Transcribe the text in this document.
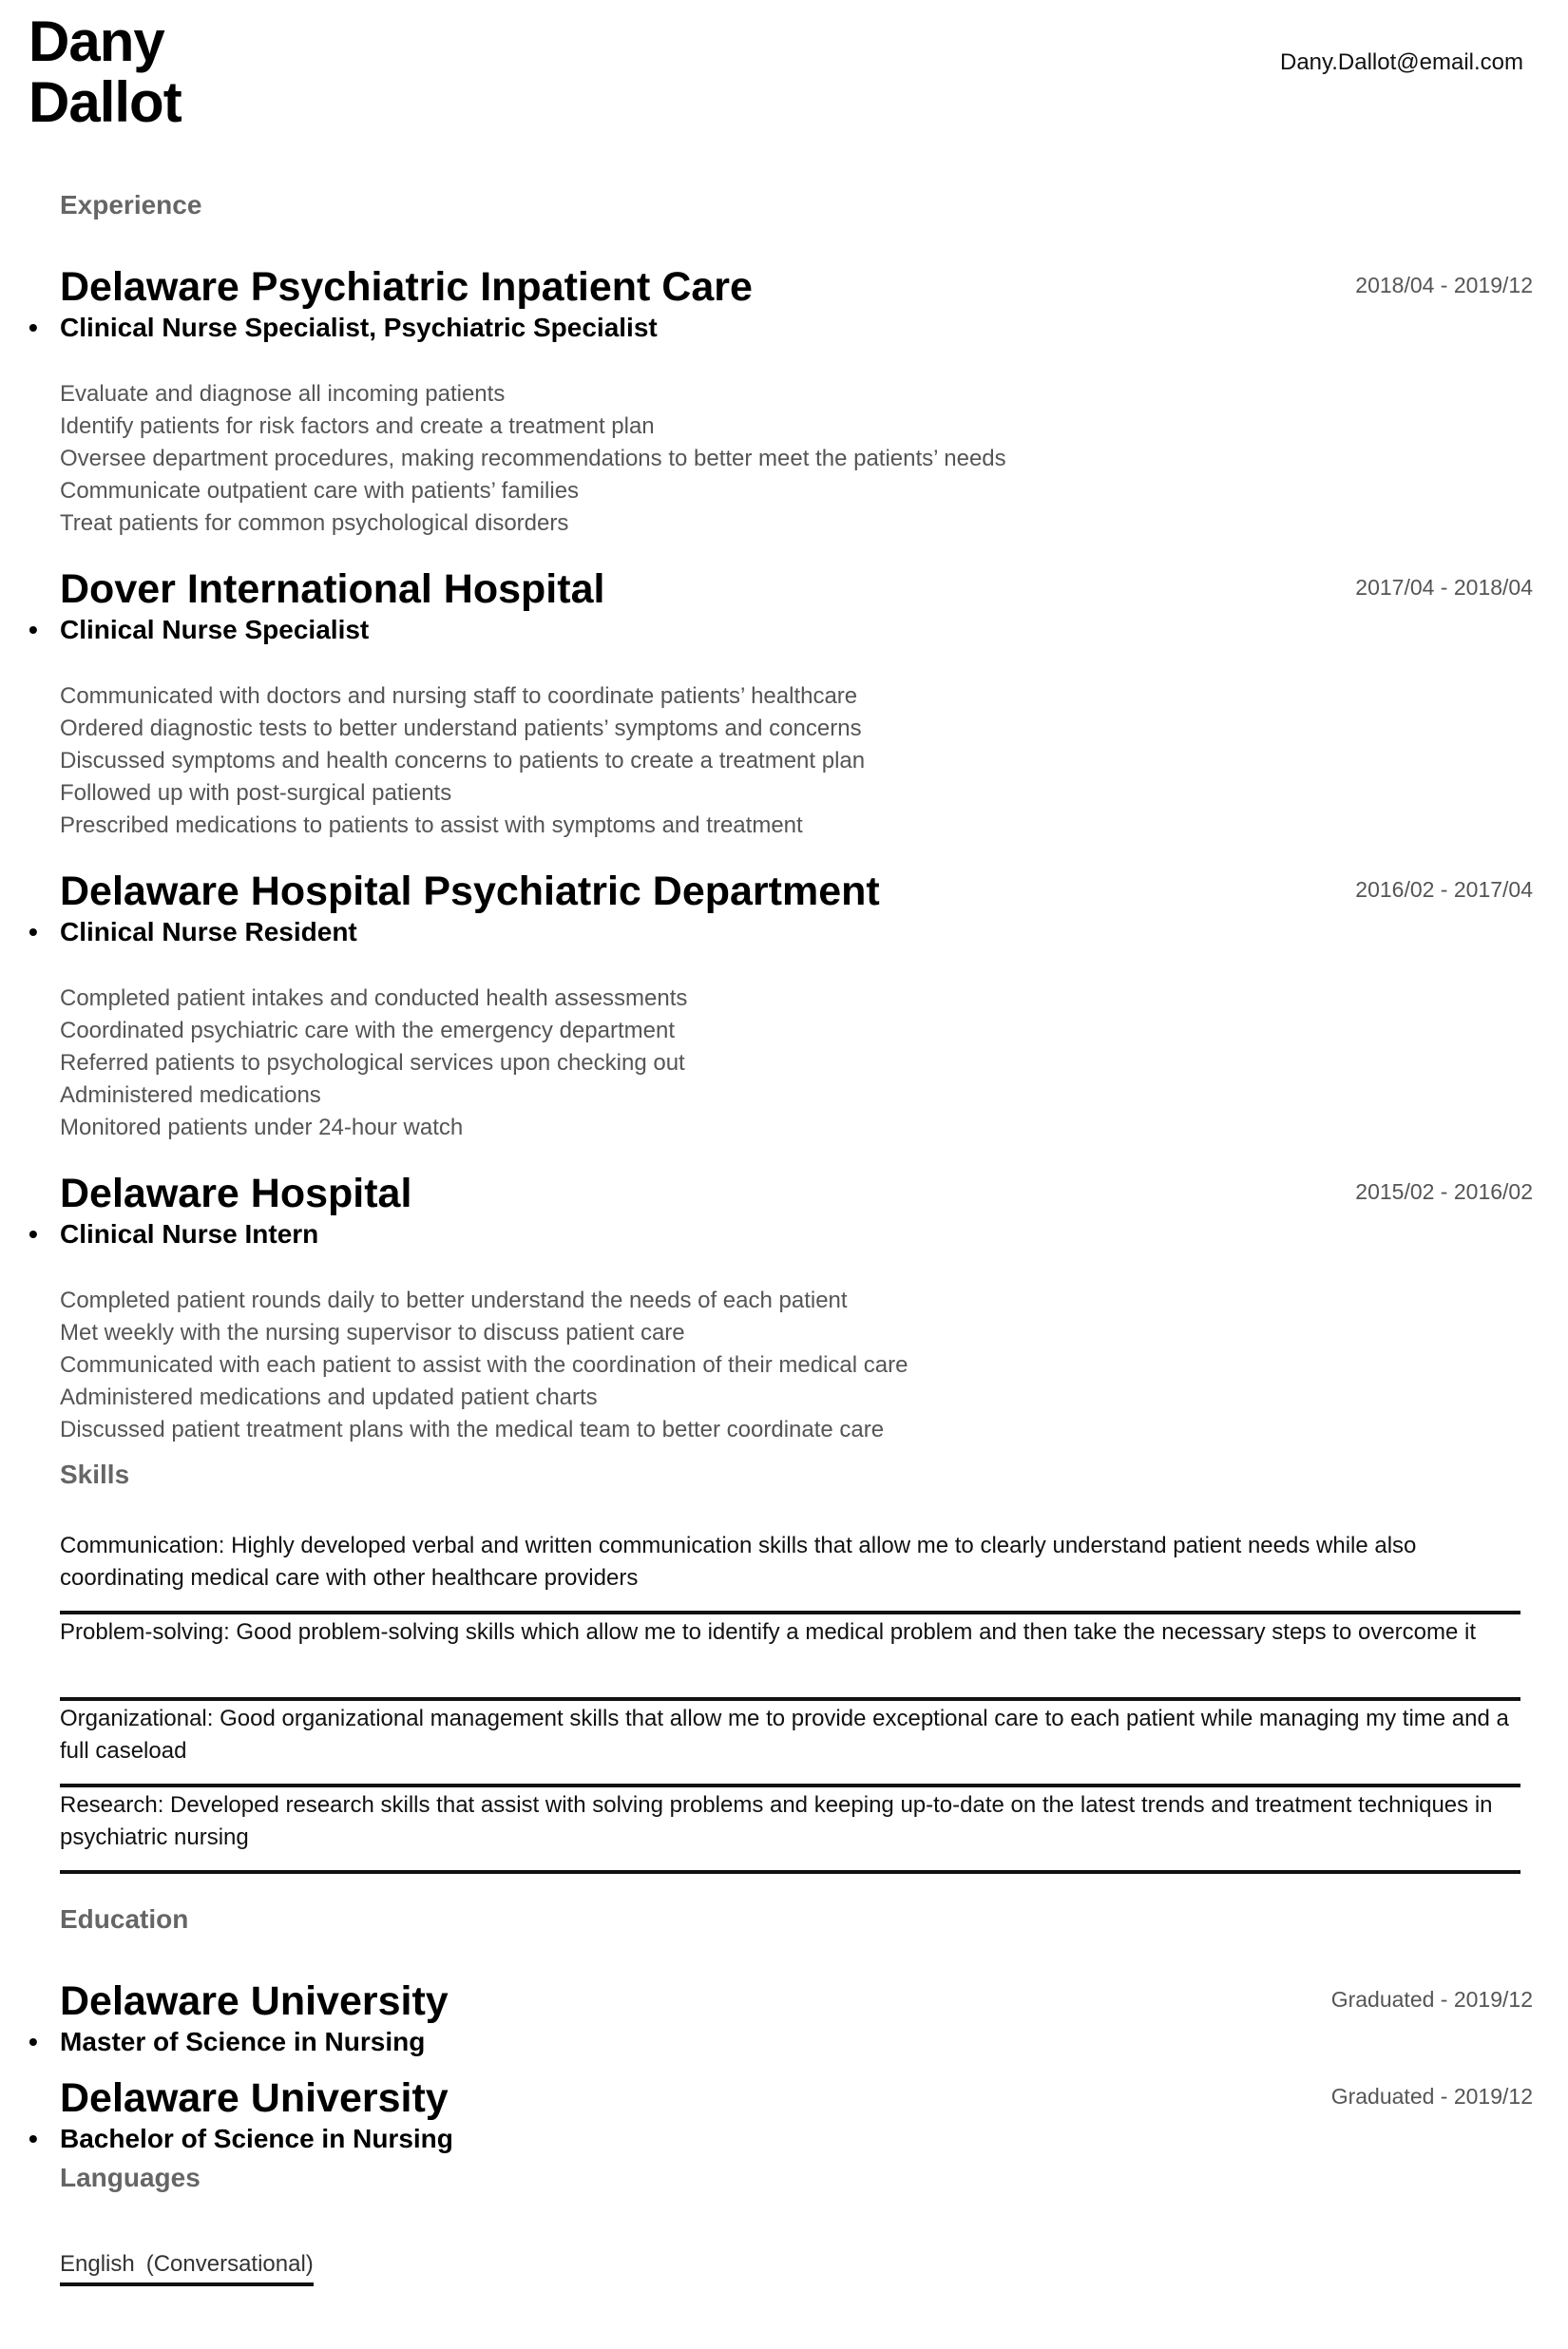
Dany
Dallot
Dany.Dallot@email.com
Experience
Delaware Psychiatric Inpatient Care	2018/04 - 2019/12
• Clinical Nurse Specialist, Psychiatric Specialist
Evaluate and diagnose all incoming patients
Identify patients for risk factors and create a treatment plan
Oversee department procedures, making recommendations to better meet the patients’ needs
Communicate outpatient care with patients’ families
Treat patients for common psychological disorders
Dover International Hospital	2017/04 - 2018/04
• Clinical Nurse Specialist
Communicated with doctors and nursing staff to coordinate patients’ healthcare
Ordered diagnostic tests to better understand patients’ symptoms and concerns
Discussed symptoms and health concerns to patients to create a treatment plan
Followed up with post-surgical patients
Prescribed medications to patients to assist with symptoms and treatment
Delaware Hospital Psychiatric Department	2016/02 - 2017/04
• Clinical Nurse Resident
Completed patient intakes and conducted health assessments
Coordinated psychiatric care with the emergency department
Referred patients to psychological services upon checking out
Administered medications
Monitored patients under 24-hour watch
Delaware Hospital	2015/02 - 2016/02
• Clinical Nurse Intern
Completed patient rounds daily to better understand the needs of each patient
Met weekly with the nursing supervisor to discuss patient care
Communicated with each patient to assist with the coordination of their medical care
Administered medications and updated patient charts
Discussed patient treatment plans with the medical team to better coordinate care
Skills

Communication: Highly developed verbal and written communication skills that allow me to clearly understand patient needs while also coordinating medical care with other healthcare providers

Problem-solving: Good problem-solving skills which allow me to identify a medical problem and then take the necessary steps to overcome it

Organizational: Good organizational management skills that allow me to provide exceptional care to each patient while managing my time and a full caseload

Research: Developed research skills that assist with solving problems and keeping up-to-date on the latest trends and treatment techniques in psychiatric nursing

Education
Delaware University	Graduated - 2019/12
• Master of Science in Nursing
Delaware University	Graduated - 2019/12
• Bachelor of Science in Nursing
Languages
English (Conversational)
